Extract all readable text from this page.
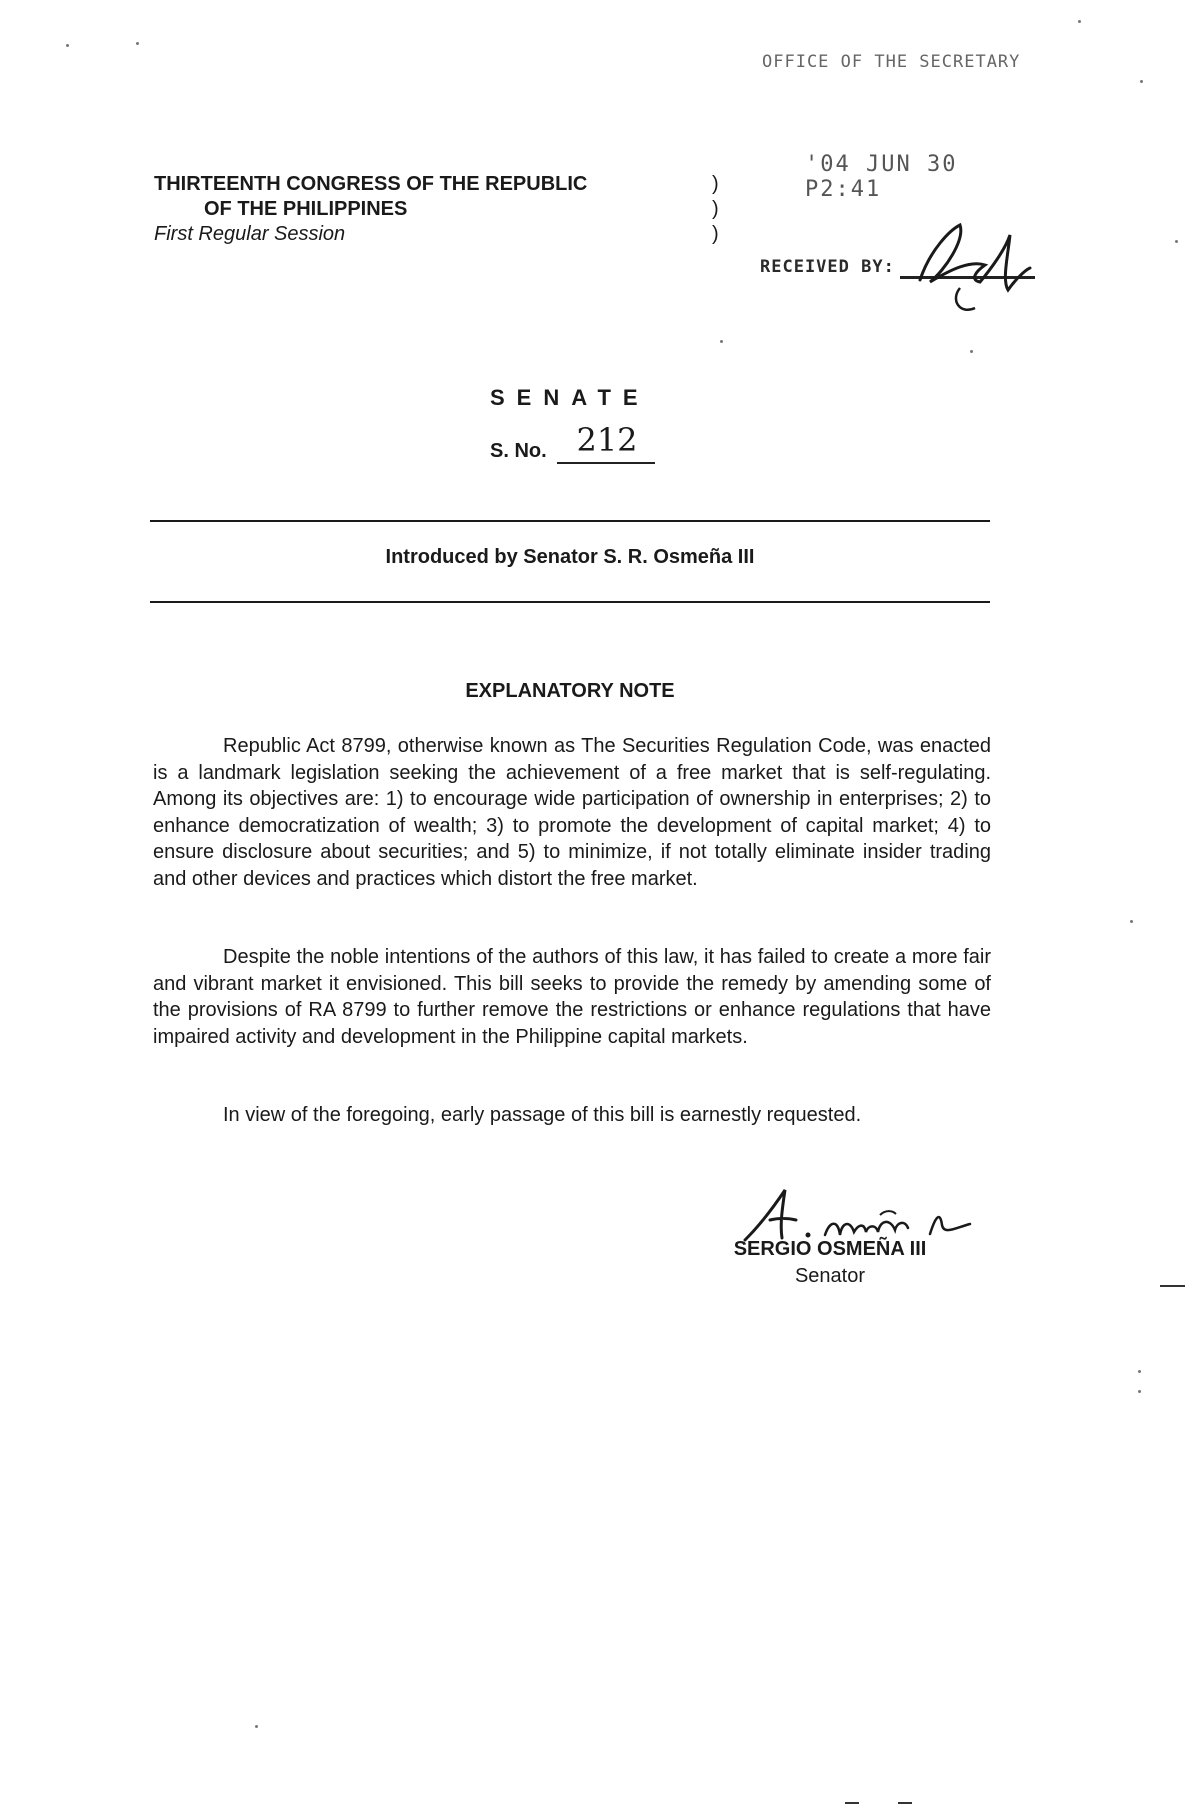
OFFICE OF THE SECRETARY
'04 JUN 30 P2:41
RECEIVED BY:
THIRTEENTH CONGRESS OF THE REPUBLIC
OF THE PHILIPPINES
First Regular Session
)
)
)
SENATE
S. No. 212
Introduced by Senator S. R. Osmeña III
EXPLANATORY NOTE
Republic Act 8799, otherwise known as The Securities Regulation Code, was enacted is a landmark legislation seeking the achievement of a free market that is self-regulating. Among its objectives are: 1) to encourage wide participation of ownership in enterprises; 2) to enhance democratization of wealth; 3) to promote the development of capital market; 4) to ensure disclosure about securities; and 5) to minimize, if not totally eliminate insider trading and other devices and practices which distort the free market.
Despite the noble intentions of the authors of this law, it has failed to create a more fair and vibrant market it envisioned. This bill seeks to provide the remedy by amending some of the provisions of RA 8799 to further remove the restrictions or enhance regulations that have impaired activity and development in the Philippine capital markets.
In view of the foregoing, early passage of this bill is earnestly requested.
SERGIO OSMEÑA III
Senator
